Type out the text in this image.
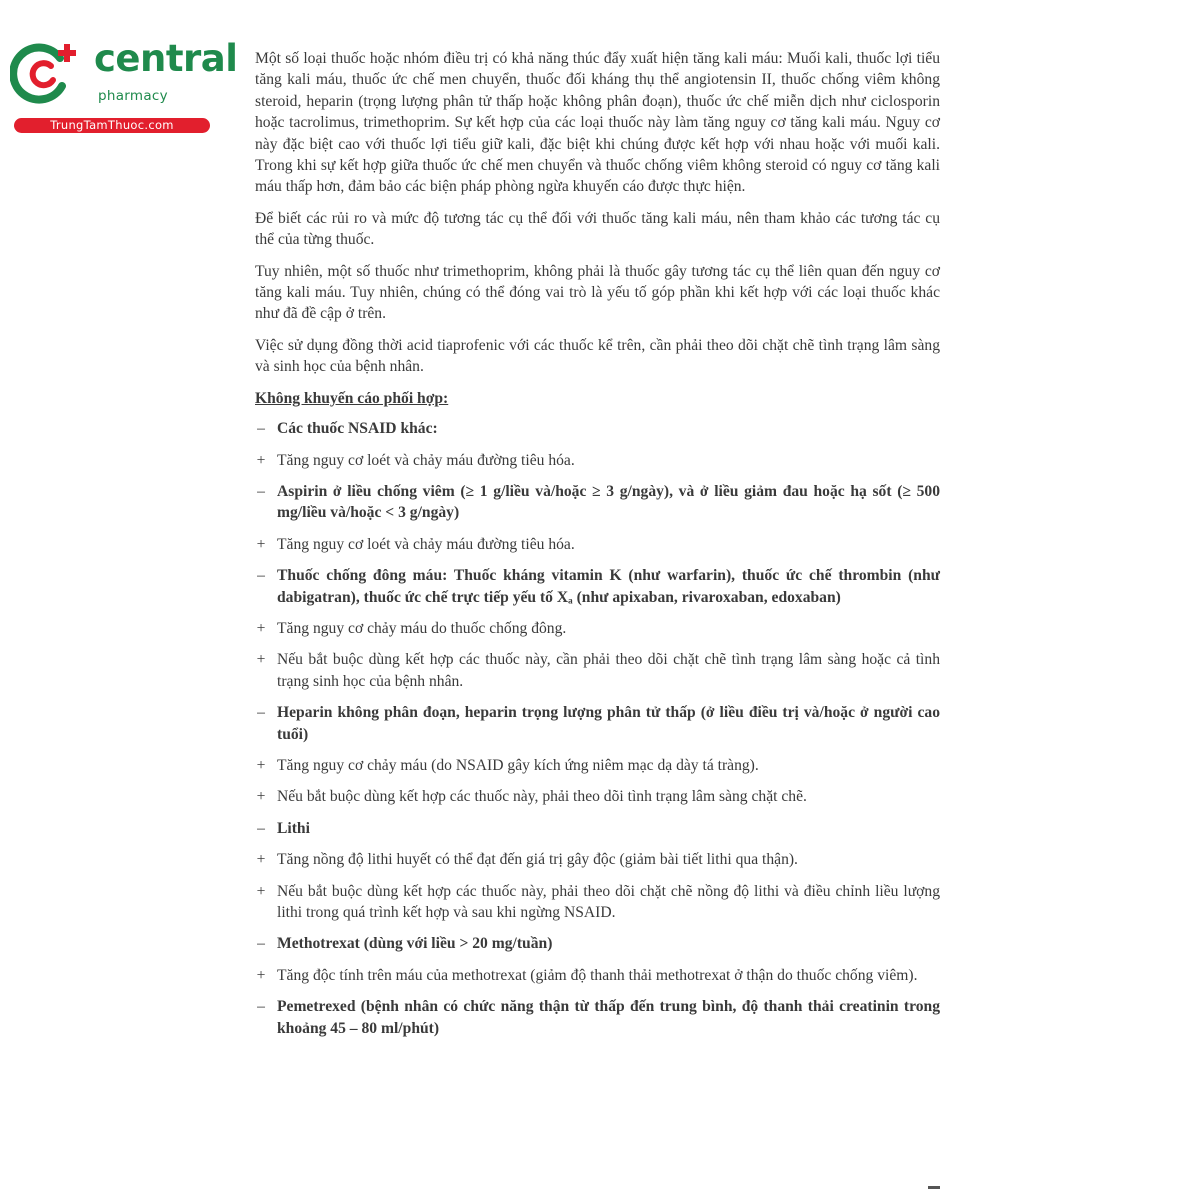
central
pharmacy
TrungTamThuoc.com

Một số loại thuốc hoặc nhóm điều trị có khả năng thúc đẩy xuất hiện tăng kali máu: Muối kali, thuốc lợi tiểu tăng kali máu, thuốc ức chế men chuyển, thuốc đối kháng thụ thể angiotensin II, thuốc chống viêm không steroid, heparin (trọng lượng phân tử thấp hoặc không phân đoạn), thuốc ức chế miễn dịch như ciclosporin hoặc tacrolimus, trimethoprim. Sự kết hợp của các loại thuốc này làm tăng nguy cơ tăng kali máu. Nguy cơ này đặc biệt cao với thuốc lợi tiểu giữ kali, đặc biệt khi chúng được kết hợp với nhau hoặc với muối kali. Trong khi sự kết hợp giữa thuốc ức chế men chuyển và thuốc chống viêm không steroid có nguy cơ tăng kali máu thấp hơn, đảm bảo các biện pháp phòng ngừa khuyến cáo được thực hiện.

Để biết các rủi ro và mức độ tương tác cụ thể đối với thuốc tăng kali máu, nên tham khảo các tương tác cụ thể của từng thuốc.

Tuy nhiên, một số thuốc như trimethoprim, không phải là thuốc gây tương tác cụ thể liên quan đến nguy cơ tăng kali máu. Tuy nhiên, chúng có thể đóng vai trò là yếu tố góp phần khi kết hợp với các loại thuốc khác như đã đề cập ở trên.

Việc sử dụng đồng thời acid tiaprofenic với các thuốc kể trên, cần phải theo dõi chặt chẽ tình trạng lâm sàng và sinh học của bệnh nhân.

Không khuyến cáo phối hợp:
– Các thuốc NSAID khác:
+ Tăng nguy cơ loét và chảy máu đường tiêu hóa.
– Aspirin ở liều chống viêm (≥ 1 g/liều và/hoặc ≥ 3 g/ngày), và ở liều giảm đau hoặc hạ sốt (≥ 500 mg/liều và/hoặc < 3 g/ngày)
+ Tăng nguy cơ loét và chảy máu đường tiêu hóa.
– Thuốc chống đông máu: Thuốc kháng vitamin K (như warfarin), thuốc ức chế thrombin (như dabigatran), thuốc ức chế trực tiếp yếu tố Xₐ (như apixaban, rivaroxaban, edoxaban)
+ Tăng nguy cơ chảy máu do thuốc chống đông.
+ Nếu bắt buộc dùng kết hợp các thuốc này, cần phải theo dõi chặt chẽ tình trạng lâm sàng hoặc cả tình trạng sinh học của bệnh nhân.
– Heparin không phân đoạn, heparin trọng lượng phân tử thấp (ở liều điều trị và/hoặc ở người cao tuổi)
+ Tăng nguy cơ chảy máu (do NSAID gây kích ứng niêm mạc dạ dày tá tràng).
+ Nếu bắt buộc dùng kết hợp các thuốc này, phải theo dõi tình trạng lâm sàng chặt chẽ.
– Lithi
+ Tăng nồng độ lithi huyết có thể đạt đến giá trị gây độc (giảm bài tiết lithi qua thận).
+ Nếu bắt buộc dùng kết hợp các thuốc này, phải theo dõi chặt chẽ nồng độ lithi và điều chỉnh liều lượng lithi trong quá trình kết hợp và sau khi ngừng NSAID.
– Methotrexat (dùng với liều > 20 mg/tuần)
+ Tăng độc tính trên máu của methotrexat (giảm độ thanh thải methotrexat ở thận do thuốc chống viêm).
– Pemetrexed (bệnh nhân có chức năng thận từ thấp đến trung bình, độ thanh thải creatinin trong khoảng 45 – 80 ml/phút)
